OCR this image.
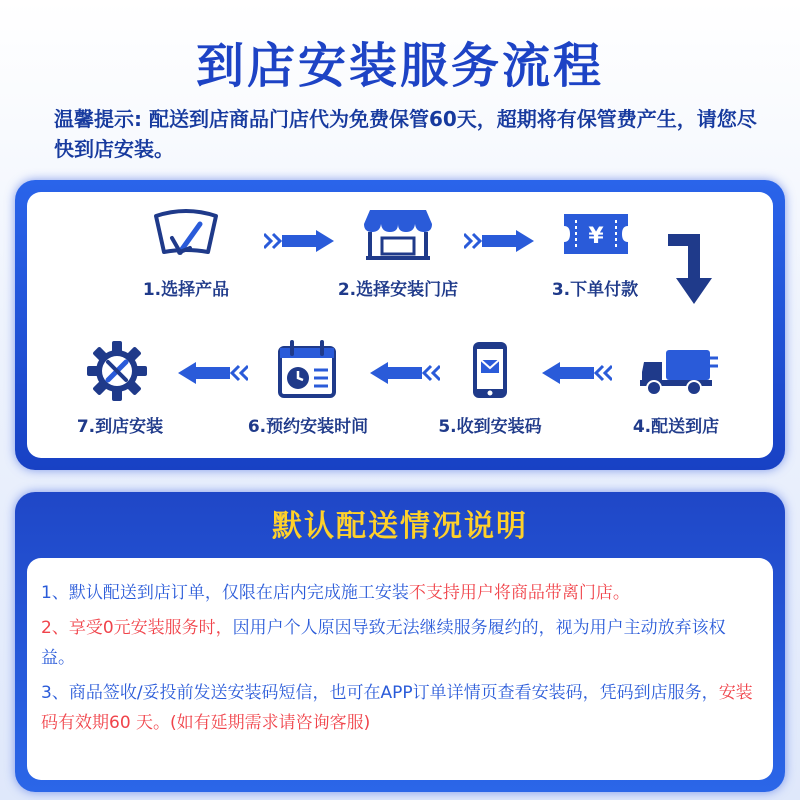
到店安装服务流程
温馨提示: 配送到店商品门店代为免费保管60天，超期将有保管费产生，请您尽快到店安装。
1.选择产品	2.选择安装门店
¥
3.下单付款
4.配送到店
5.收到安装码
6.预约安装时间
7.到店安装
默认配送情况说明
1、默认配送到店订单，仅限在店内完成施工安装不支持用户将商品带离门店。
2、享受0元安装服务时，因用户个人原因导致无法继续服务履约的，视为用户主动放弃该权益。
3、商品签收/妥投前发送安装码短信，也可在APP订单详情页查看安装码，凭码到店服务，安装码有效期60 天。(如有延期需求请咨询客服)
